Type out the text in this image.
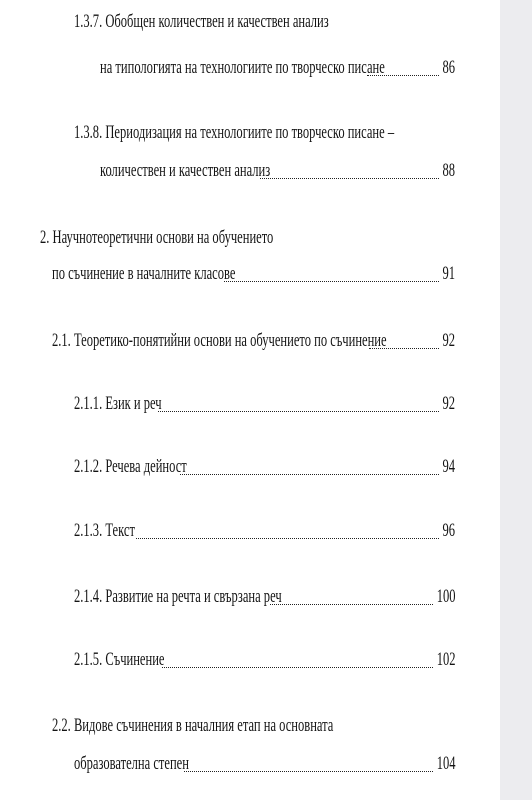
1.3.7. Обобщен количествен и качествен анализ
на типологията на технологиите по творческо писане	86
1.3.8. Периодизация на технологиите по творческо писане –
количествен и качествен анализ	88
2. Научнотеоретични основи на обучението
по съчинение в началните класове	91
2.1. Теоретико-понятийни основи на обучението по съчинение	92
2.1.1. Език и реч	92
2.1.2. Речева дейност	94
2.1.3. Текст	96
2.1.4. Развитие на речта и свързана реч	100
2.1.5. Съчинение	102
2.2. Видове съчинения в началния етап на основната
образователна степен	104
